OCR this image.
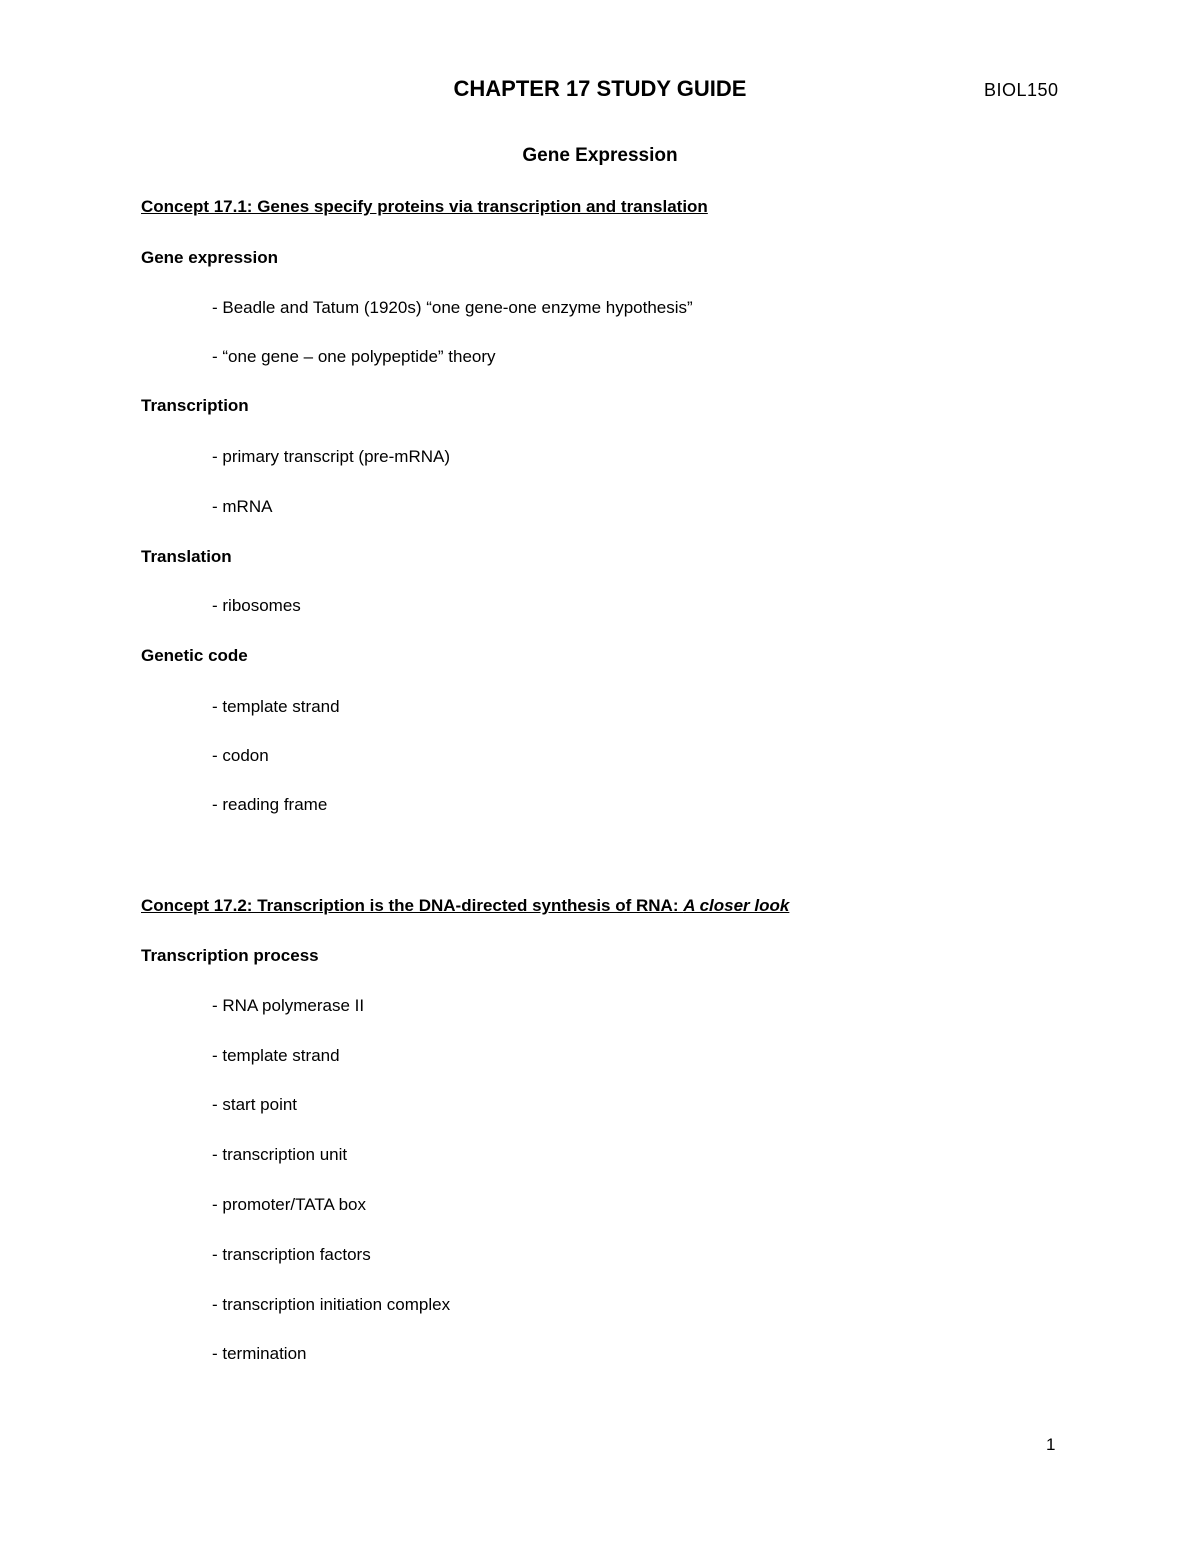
CHAPTER 17 STUDY GUIDE	BIOL150
Gene Expression
Concept 17.1: Genes specify proteins via transcription and translation
Gene expression
- Beadle and Tatum (1920s) “one gene-one enzyme hypothesis”
- “one gene – one polypeptide” theory
Transcription
- primary transcript (pre-mRNA)
- mRNA
Translation
- ribosomes
Genetic code
- template strand
- codon
- reading frame
Concept 17.2: Transcription is the DNA-directed synthesis of RNA: A closer look
Transcription process
- RNA polymerase II
- template strand
- start point
- transcription unit
- promoter/TATA box
- transcription factors
- transcription initiation complex
- termination
1
